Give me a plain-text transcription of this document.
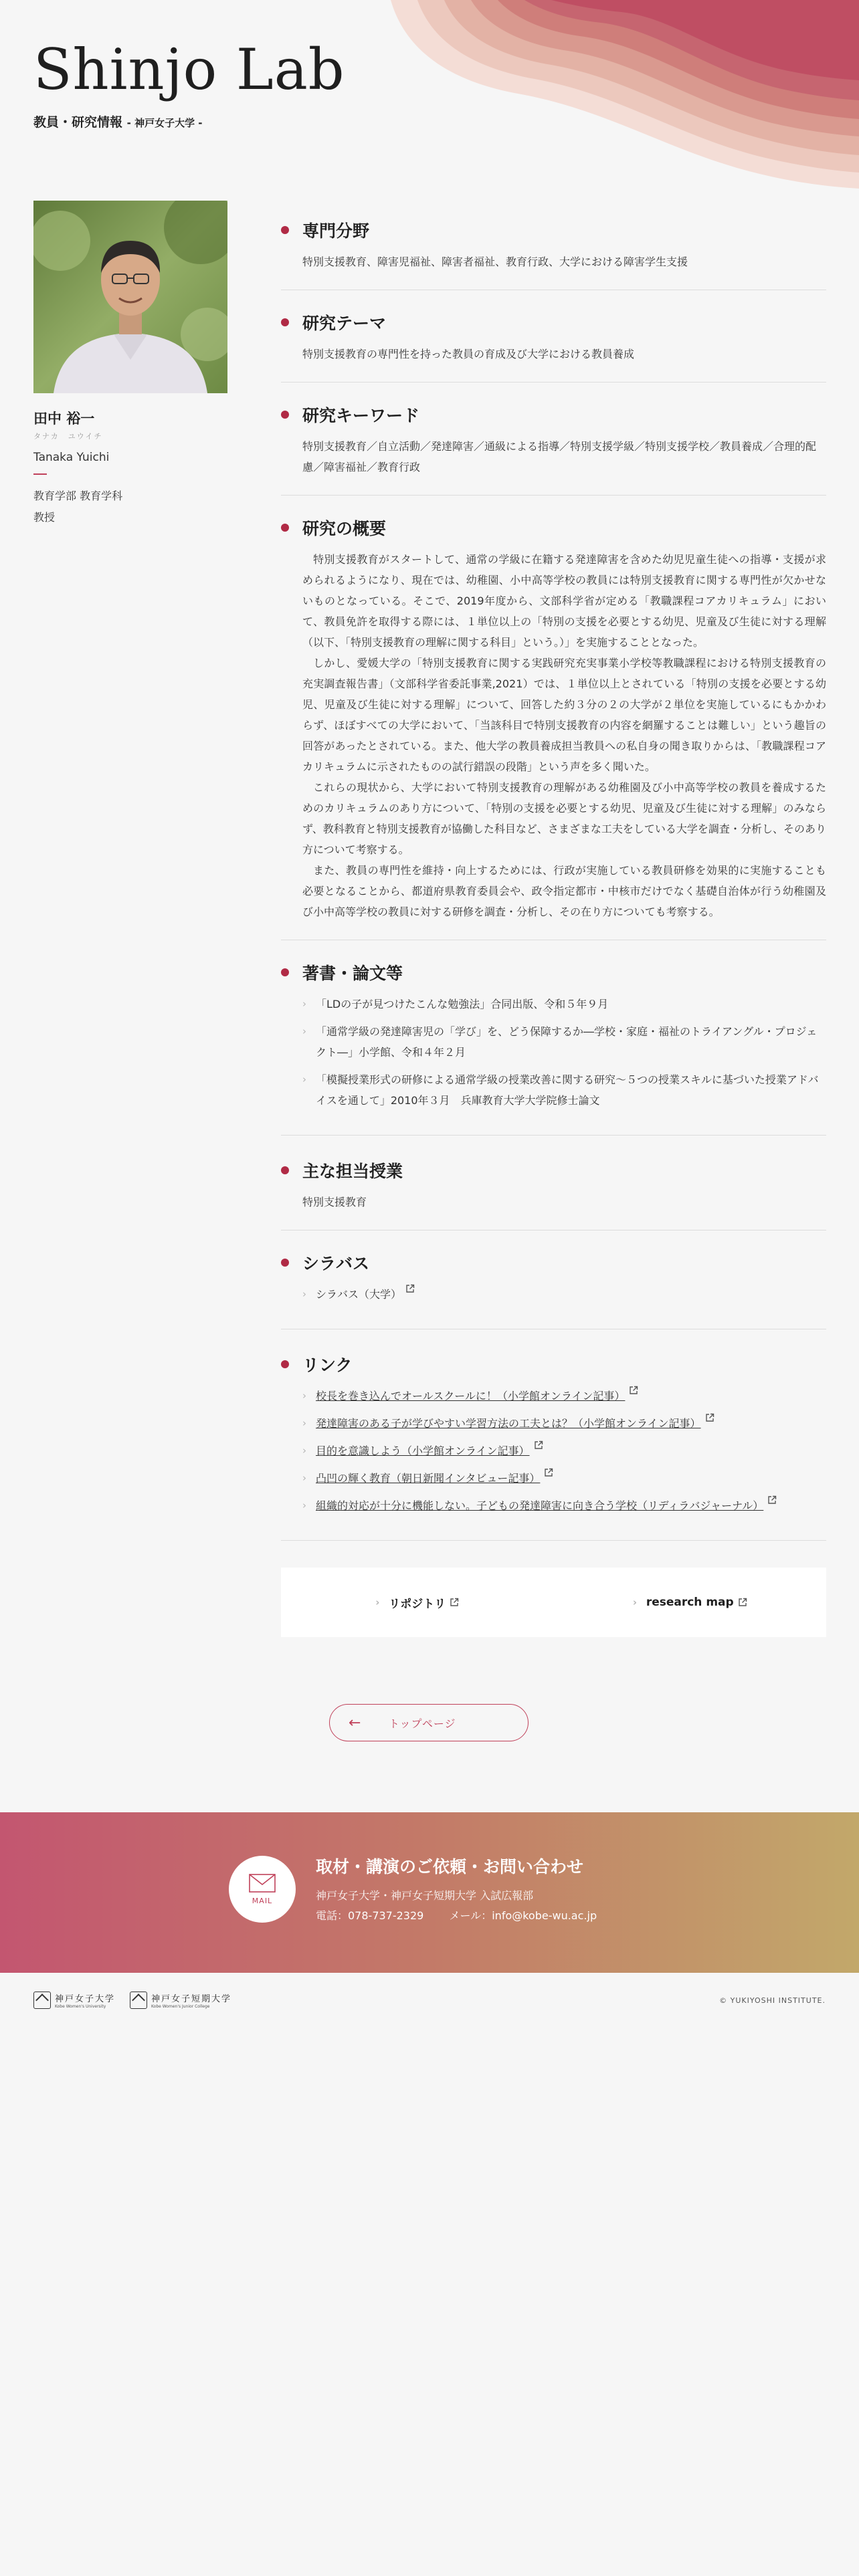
Shinjo Lab
教員・研究情報 - 神戸女子大学 -
田中 裕一
タナカ　ユウイチ
Tanaka Yuichi
教育学部 教育学科
教授
専門分野
特別支援教育、障害児福祉、障害者福祉、教育行政、大学における障害学生支援
研究テーマ
特別支援教育の専門性を持った教員の育成及び大学における教員養成
研究キーワード
特別支援教育／自立活動／発達障害／通級による指導／特別支援学級／特別支援学校／教員養成／合理的配慮／障害福祉／教育行政
研究の概要

特別支援教育がスタートして、通常の学級に在籍する発達障害を含めた幼児児童生徒への指導・支援が求められるようになり、現在では、幼稚園、小中高等学校の教員には特別支援教育に関する専門性が欠かせないものとなっている。そこで、2019年度から、文部科学省が定める「教職課程コアカリキュラム」において、教員免許を取得する際には、１単位以上の「特別の支援を必要とする幼児、児童及び生徒に対する理解（以下、「特別支援教育の理解に関する科目」という。）」を実施することとなった。

しかし、愛媛大学の「特別支援教育に関する実践研究充実事業小学校等教職課程における特別支援教育の充実調査報告書」（文部科学省委託事業,2021）では、１単位以上とされている「特別の支援を必要とする幼児、児童及び生徒に対する理解」について、回答した約３分の２の大学が２単位を実施しているにもかかわらず、ほぼすべての大学において、「当該科目で特別支援教育の内容を網羅することは難しい」という趣旨の回答があったとされている。また、他大学の教員養成担当教員への私自身の聞き取りからは、「教職課程コアカリキュラムに示されたものの試行錯誤の段階」という声を多く聞いた。

これらの現状から、大学において特別支援教育の理解がある幼稚園及び小中高等学校の教員を養成するためのカリキュラムのあり方について、「特別の支援を必要とする幼児、児童及び生徒に対する理解」のみならず、教科教育と特別支援教育が協働した科目など、さまざまな工夫をしている大学を調査・分析し、そのあり方について考察する。

また、教員の専門性を維持・向上するためには、行政が実施している教員研修を効果的に実施することも必要となることから、都道府県教育委員会や、政令指定都市・中核市だけでなく基礎自治体が行う幼稚園及び小中高等学校の教員に対する研修を調査・分析し、その在り方についても考察する。

著書・論文等
› 「LDの子が見つけたこんな勉強法」合同出版、令和５年９月
› 「通常学級の発達障害児の「学び」を、どう保障するか―学校・家庭・福祉のトライアングル・プロジェクト―」小学館、令和４年２月
› 「模擬授業形式の研修による通常学級の授業改善に関する研究～５つの授業スキルに基づいた授業アドバイスを通して」2010年３月　兵庫教育大学大学院修士論文
主な担当授業
特別支援教育
シラバス
› シラバス（大学）
リンク
› 校長を巻き込んでオールスクールに！（小学館オンライン記事）
› 発達障害のある子が学びやすい学習方法の工夫とは？（小学館オンライン記事）
› 目的を意識しよう（小学館オンライン記事）
› 凸凹の輝く教育（朝日新聞インタビュー記事）
› 組織的対応が十分に機能しない。子どもの発達障害に向き合う学校（リディラバジャーナル）
› リポジトリ	› research map
←	トップページ
MAIL
取材・講演のご依頼・お問い合わせ
神戸女子大学・神戸女子短期大学 入試広報部
電話：078-737-2329 メール：info@kobe-wu.ac.jp
神戸女子大学
Kobe Women's University
神戸女子短期大学
Kobe Women's Junior College
© YUKIYOSHI INSTITUTE.
